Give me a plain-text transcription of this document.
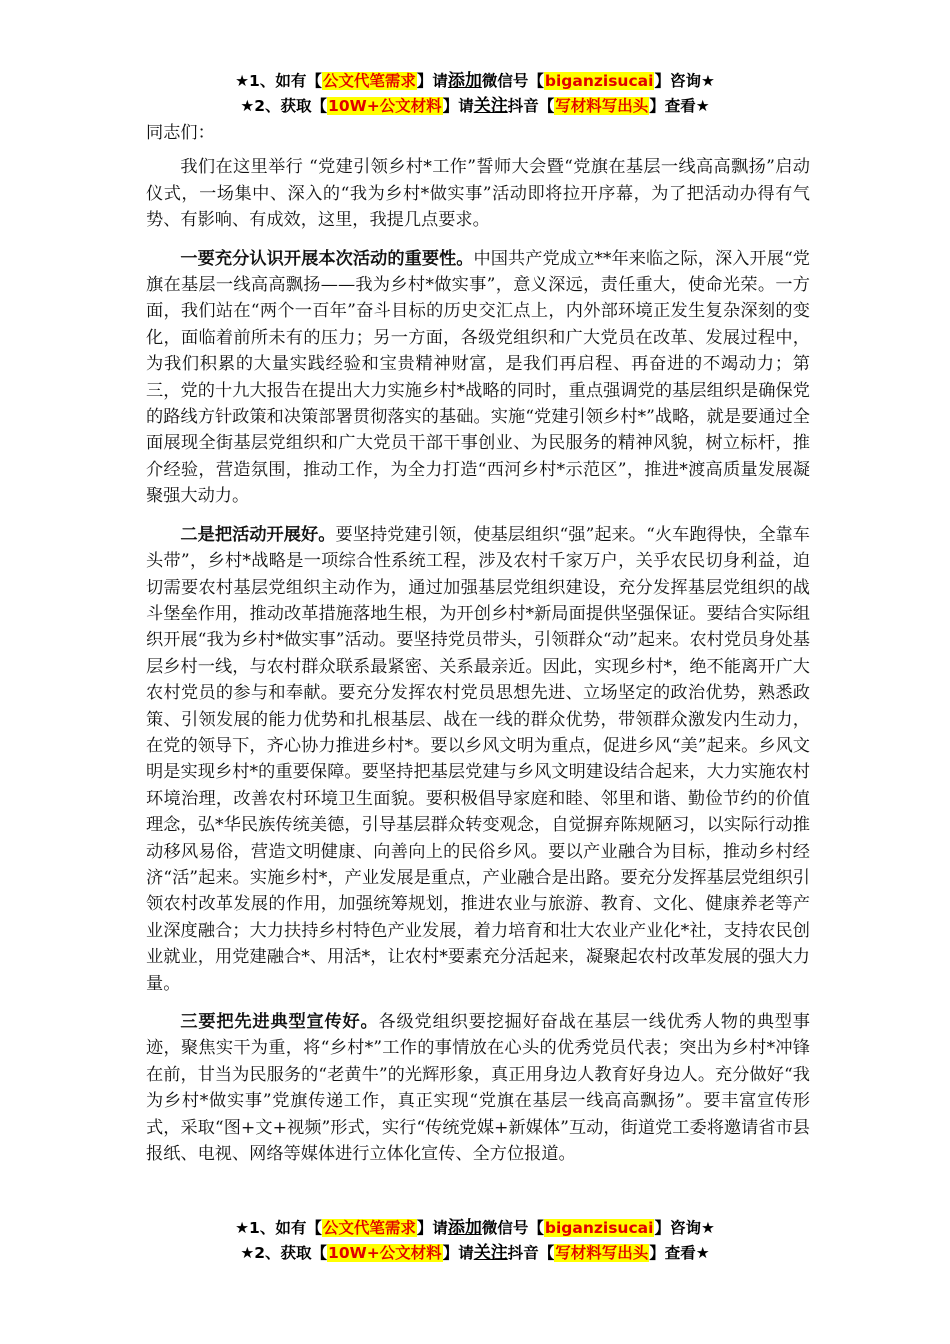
★1、如有【公文代笔需求】请添加微信号【biganzisucai】咨询★
★2、获取【10W+公文材料】请关注抖音【写材料写出头】查看★

同志们：

我们在这里举行 “党建引领乡村*工作”誓师大会暨“党旗在基层一线高高飘扬”启动仪式，一场集中、深入的“我为乡村*做实事”活动即将拉开序幕，为了把活动办得有气势、有影响、有成效，这里，我提几点要求。

一要充分认识开展本次活动的重要性。中国共产党成立**年来临之际，深入开展“党旗在基层一线高高飘扬——我为乡村*做实事”，意义深远，责任重大，使命光荣。一方面，我们站在“两个一百年”奋斗目标的历史交汇点上，内外部环境正发生复杂深刻的变化，面临着前所未有的压力；另一方面，各级党组织和广大党员在改革、发展过程中，为我们积累的大量实践经验和宝贵精神财富，是我们再启程、再奋进的不竭动力；第三，党的十九大报告在提出大力实施乡村*战略的同时，重点强调党的基层组织是确保党的路线方针政策和决策部署贯彻落实的基础。实施“党建引领乡村*”战略，就是要通过全面展现全街基层党组织和广大党员干部干事创业、为民服务的精神风貌，树立标杆，推介经验，营造氛围，推动工作，为全力打造“西河乡村*示范区”，推进*渡高质量发展凝聚强大动力。

二是把活动开展好。要坚持党建引领，使基层组织“强”起来。“火车跑得快，全靠车头带”，乡村*战略是一项综合性系统工程，涉及农村千家万户，关乎农民切身利益，迫切需要农村基层党组织主动作为，通过加强基层党组织建设，充分发挥基层党组织的战斗堡垒作用，推动改革措施落地生根，为开创乡村*新局面提供坚强保证。要结合实际组织开展“我为乡村*做实事”活动。要坚持党员带头，引领群众“动”起来。农村党员身处基层乡村一线，与农村群众联系最紧密、关系最亲近。因此，实现乡村*，绝不能离开广大农村党员的参与和奉献。要充分发挥农村党员思想先进、立场坚定的政治优势，熟悉政策、引领发展的能力优势和扎根基层、战在一线的群众优势，带领群众激发内生动力，在党的领导下，齐心协力推进乡村*。要以乡风文明为重点，促进乡风“美”起来。乡风文明是实现乡村*的重要保障。要坚持把基层党建与乡风文明建设结合起来，大力实施农村环境治理，改善农村环境卫生面貌。要积极倡导家庭和睦、邻里和谐、勤俭节约的价值理念，弘*华民族传统美德，引导基层群众转变观念，自觉摒弃陈规陋习，以实际行动推动移风易俗，营造文明健康、向善向上的民俗乡风。要以产业融合为目标，推动乡村经济“活”起来。实施乡村*，产业发展是重点，产业融合是出路。要充分发挥基层党组织引领农村改革发展的作用，加强统筹规划，推进农业与旅游、教育、文化、健康养老等产业深度融合；大力扶持乡村特色产业发展，着力培育和壮大农业产业化*社，支持农民创业就业，用党建融合*、用活*，让农村*要素充分活起来，凝聚起农村改革发展的强大力量。

三要把先进典型宣传好。各级党组织要挖掘好奋战在基层一线优秀人物的典型事迹，聚焦实干为重，将“乡村*”工作的事情放在心头的优秀党员代表；突出为乡村*冲锋在前，甘当为民服务的“老黄牛”的光辉形象，真正用身边人教育好身边人。充分做好“我为乡村*做实事”党旗传递工作，真正实现“党旗在基层一线高高飘扬”。要丰富宣传形式，采取“图+文+视频”形式，实行“传统党媒+新媒体”互动，街道党工委将邀请省市县报纸、电视、网络等媒体进行立体化宣传、全方位报道。

★1、如有【公文代笔需求】请添加微信号【biganzisucai】咨询★
★2、获取【10W+公文材料】请关注抖音【写材料写出头】查看★
